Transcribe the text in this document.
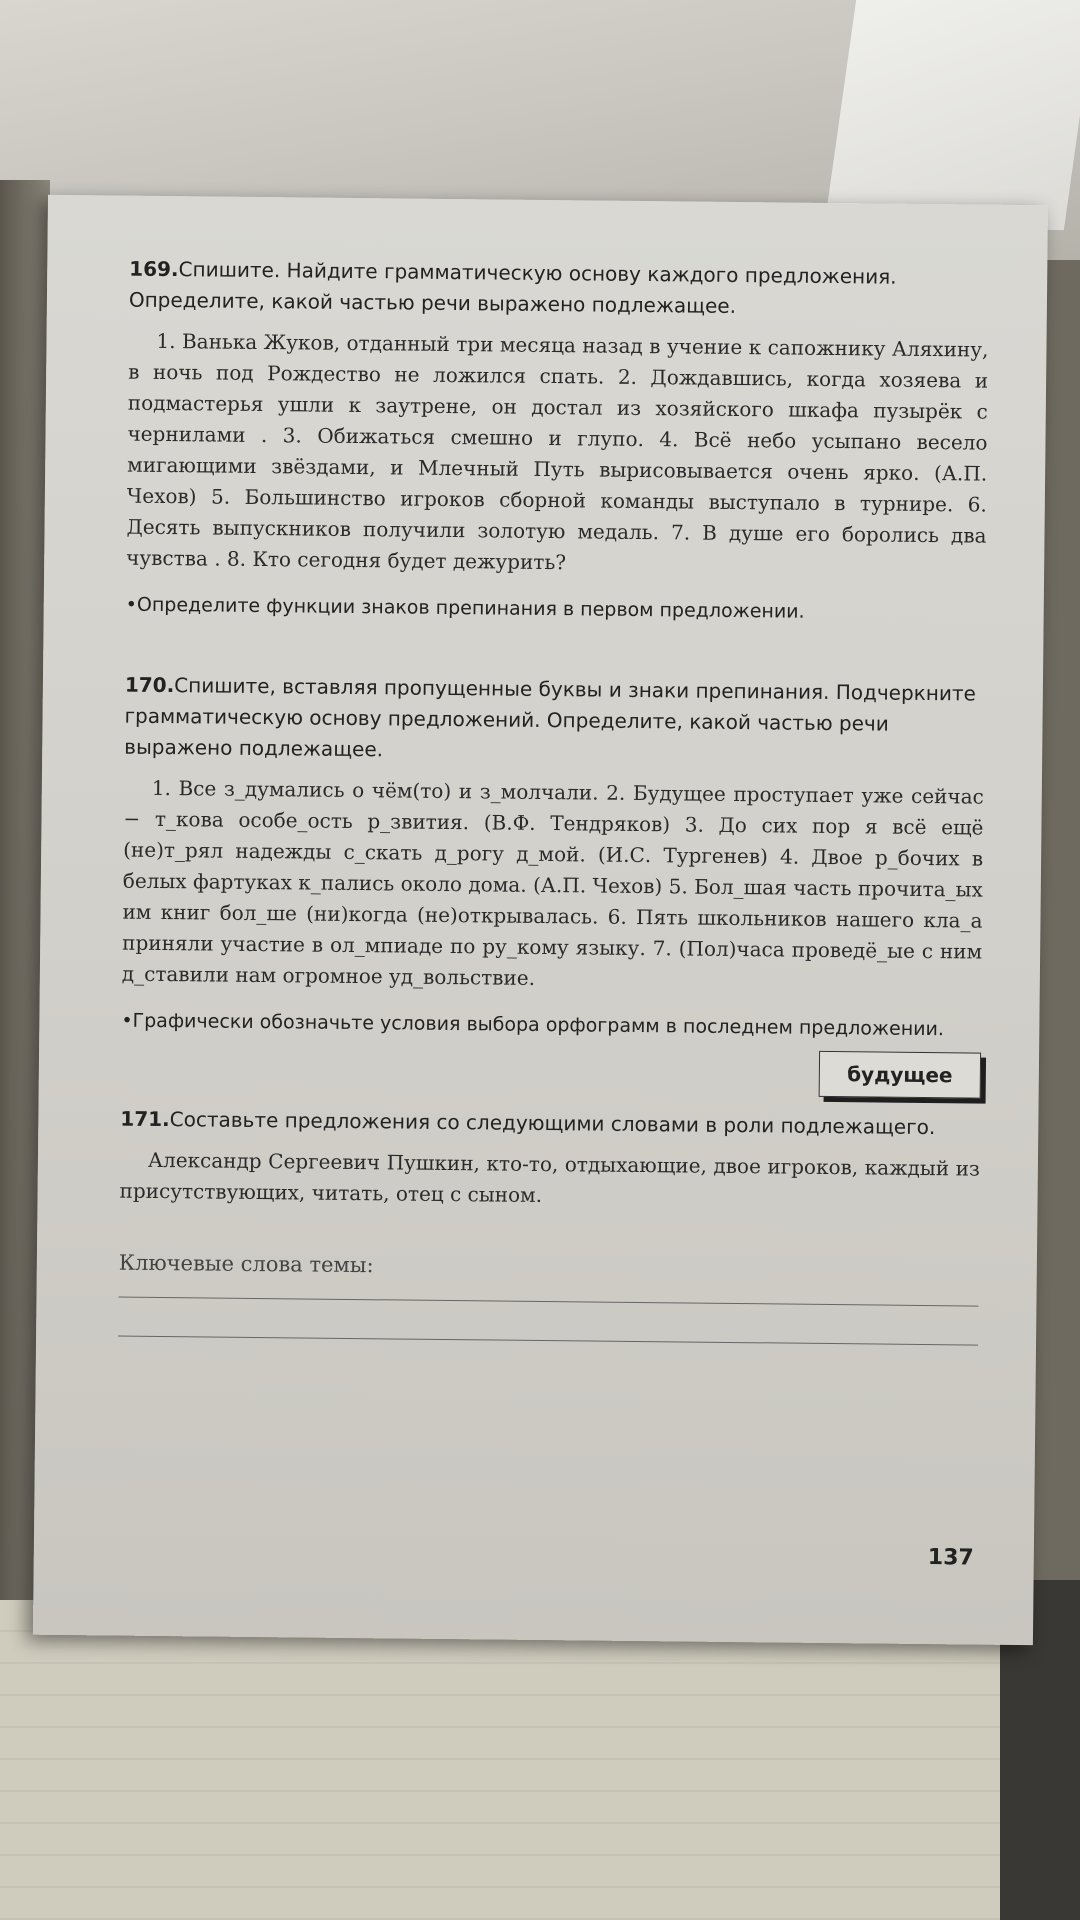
169.Спишите. Найдите грамматическую основу каждого предложения. Определите, какой частью речи выражено подлежащее.

1. Ванька Жуков, отданный три месяца назад в учение к сапожнику Аляхину, в ночь под Рождество не ложился спать. 2. Дождавшись, когда хозяева и подмастерья ушли к заутрене, он достал из хозяйского шкафа пузырёк с чернилами . 3. Обижаться смешно и глупо. 4. Всё небо усыпано весело мигающими звёздами, и Млечный Путь вырисовывается очень ярко. (А.П. Чехов) 5. Большинство игроков сборной команды выступало в турнире. 6. Десять выпускников получили золотую медаль. 7. В душе его боролись два чувства . 8. Кто сегодня будет дежурить?

•Определите функции знаков препинания в первом предложении.

170.Спишите, вставляя пропущенные буквы и знаки препинания. Подчеркните грамматическую основу предложений. Определите, какой частью речи выражено подлежащее.

1. Все з_думались о чём(то) и з_молчали. 2. Будущее проступает уже сейчас − т_кова особе_ость р_звития. (В.Ф. Тендряков) 3. До сих пор я всё ещё (не)т_рял надежды с_скать д_рогу д_мой. (И.С. Тургенев) 4. Двое р_бочих в белых фартуках к_пались около дома. (А.П. Чехов) 5. Бол_шая часть прочита_ых им книг бол_ше (ни)когда (не)открывалась. 6. Пять школьников нашего кла_а приняли участие в ол_мпиаде по ру_кому языку. 7. (Пол)часа проведё_ые с ним д_ставили нам огромное уд_вольствие.

•Графически обозначьте условия выбора орфограмм в последнем предложении.

будущее

171.Составьте предложения со следующими словами в роли подлежащего.

Александр Сергеевич Пушкин, кто-то, отдыхающие, двое игроков, каждый из присутствующих, читать, отец с сыном.

Ключевые слова темы:
137
